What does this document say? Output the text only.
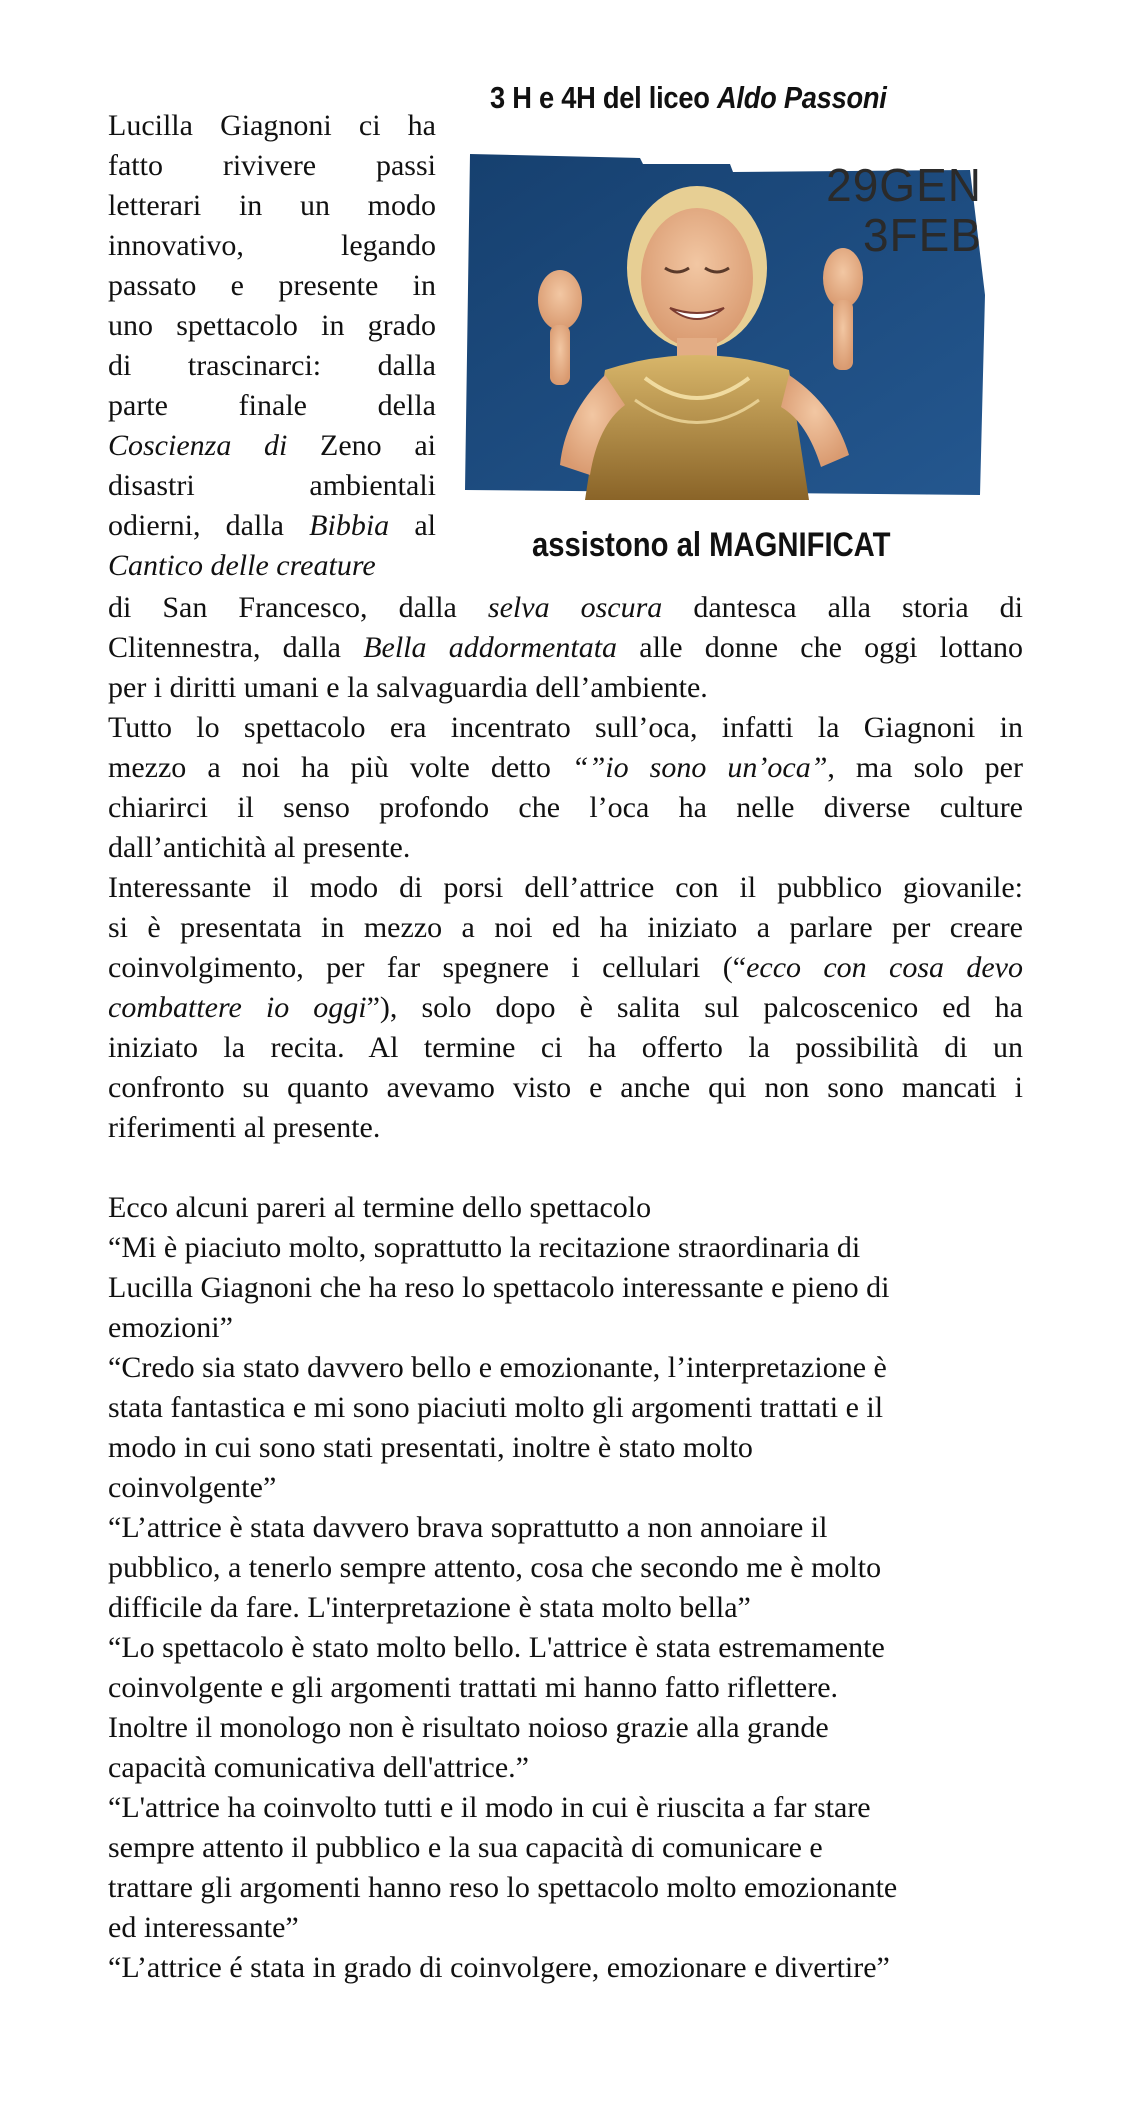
3 H e 4H del liceo Aldo Passoni
29GEN
3FEB
assistono al MAGNIFICAT
Lucilla Giagnoni ci ha
fatto rivivere passi
letterari in un modo
innovativo, legando
passato e presente in
uno spettacolo in grado
di trascinarci: dalla
parte finale della
Coscienza di Zeno ai
disastri ambientali
odierni, dalla Bibbia al
Cantico delle creature
di San Francesco, dalla selva oscura dantesca alla storia di
Clitennestra, dalla Bella addormentata alle donne che oggi lottano
per i diritti umani e la salvaguardia dell’ambiente.
Tutto lo spettacolo era incentrato sull’oca, infatti la Giagnoni in
mezzo a noi ha più volte detto “”io sono un’oca”, ma solo per
chiarirci il senso profondo che l’oca ha nelle diverse culture
dall’antichità al presente.
Interessante il modo di porsi dell’attrice con il pubblico giovanile:
si è presentata in mezzo a noi ed ha iniziato a parlare per creare
coinvolgimento, per far spegnere i cellulari (“ecco con cosa devo
combattere io oggi”), solo dopo è salita sul palcoscenico ed ha
iniziato la recita. Al termine ci ha offerto la possibilità di un
confronto su quanto avevamo visto e anche qui non sono mancati i
riferimenti al presente.
Ecco alcuni pareri al termine dello spettacolo
“Mi è piaciuto molto, soprattutto la recitazione straordinaria di
Lucilla Giagnoni che ha reso lo spettacolo interessante e pieno di
emozioni”
“Credo sia stato davvero bello e emozionante, l’interpretazione è
stata fantastica e mi sono piaciuti molto gli argomenti trattati e il
modo in cui sono stati presentati, inoltre è stato molto
coinvolgente”
“L’attrice è stata davvero brava soprattutto a non annoiare il
pubblico, a tenerlo sempre attento, cosa che secondo me è molto
difficile da fare. L'interpretazione è stata molto bella”
“Lo spettacolo è stato molto bello. L'attrice è stata estremamente
coinvolgente e gli argomenti trattati mi hanno fatto riflettere.
Inoltre il monologo non è risultato noioso grazie alla grande
capacità comunicativa dell'attrice.”
“L'attrice ha coinvolto tutti e il modo in cui è riuscita a far stare
sempre attento il pubblico e la sua capacità di comunicare e
trattare gli argomenti hanno reso lo spettacolo molto emozionante
ed interessante”
“L’attrice é stata in grado di coinvolgere, emozionare e divertire”
